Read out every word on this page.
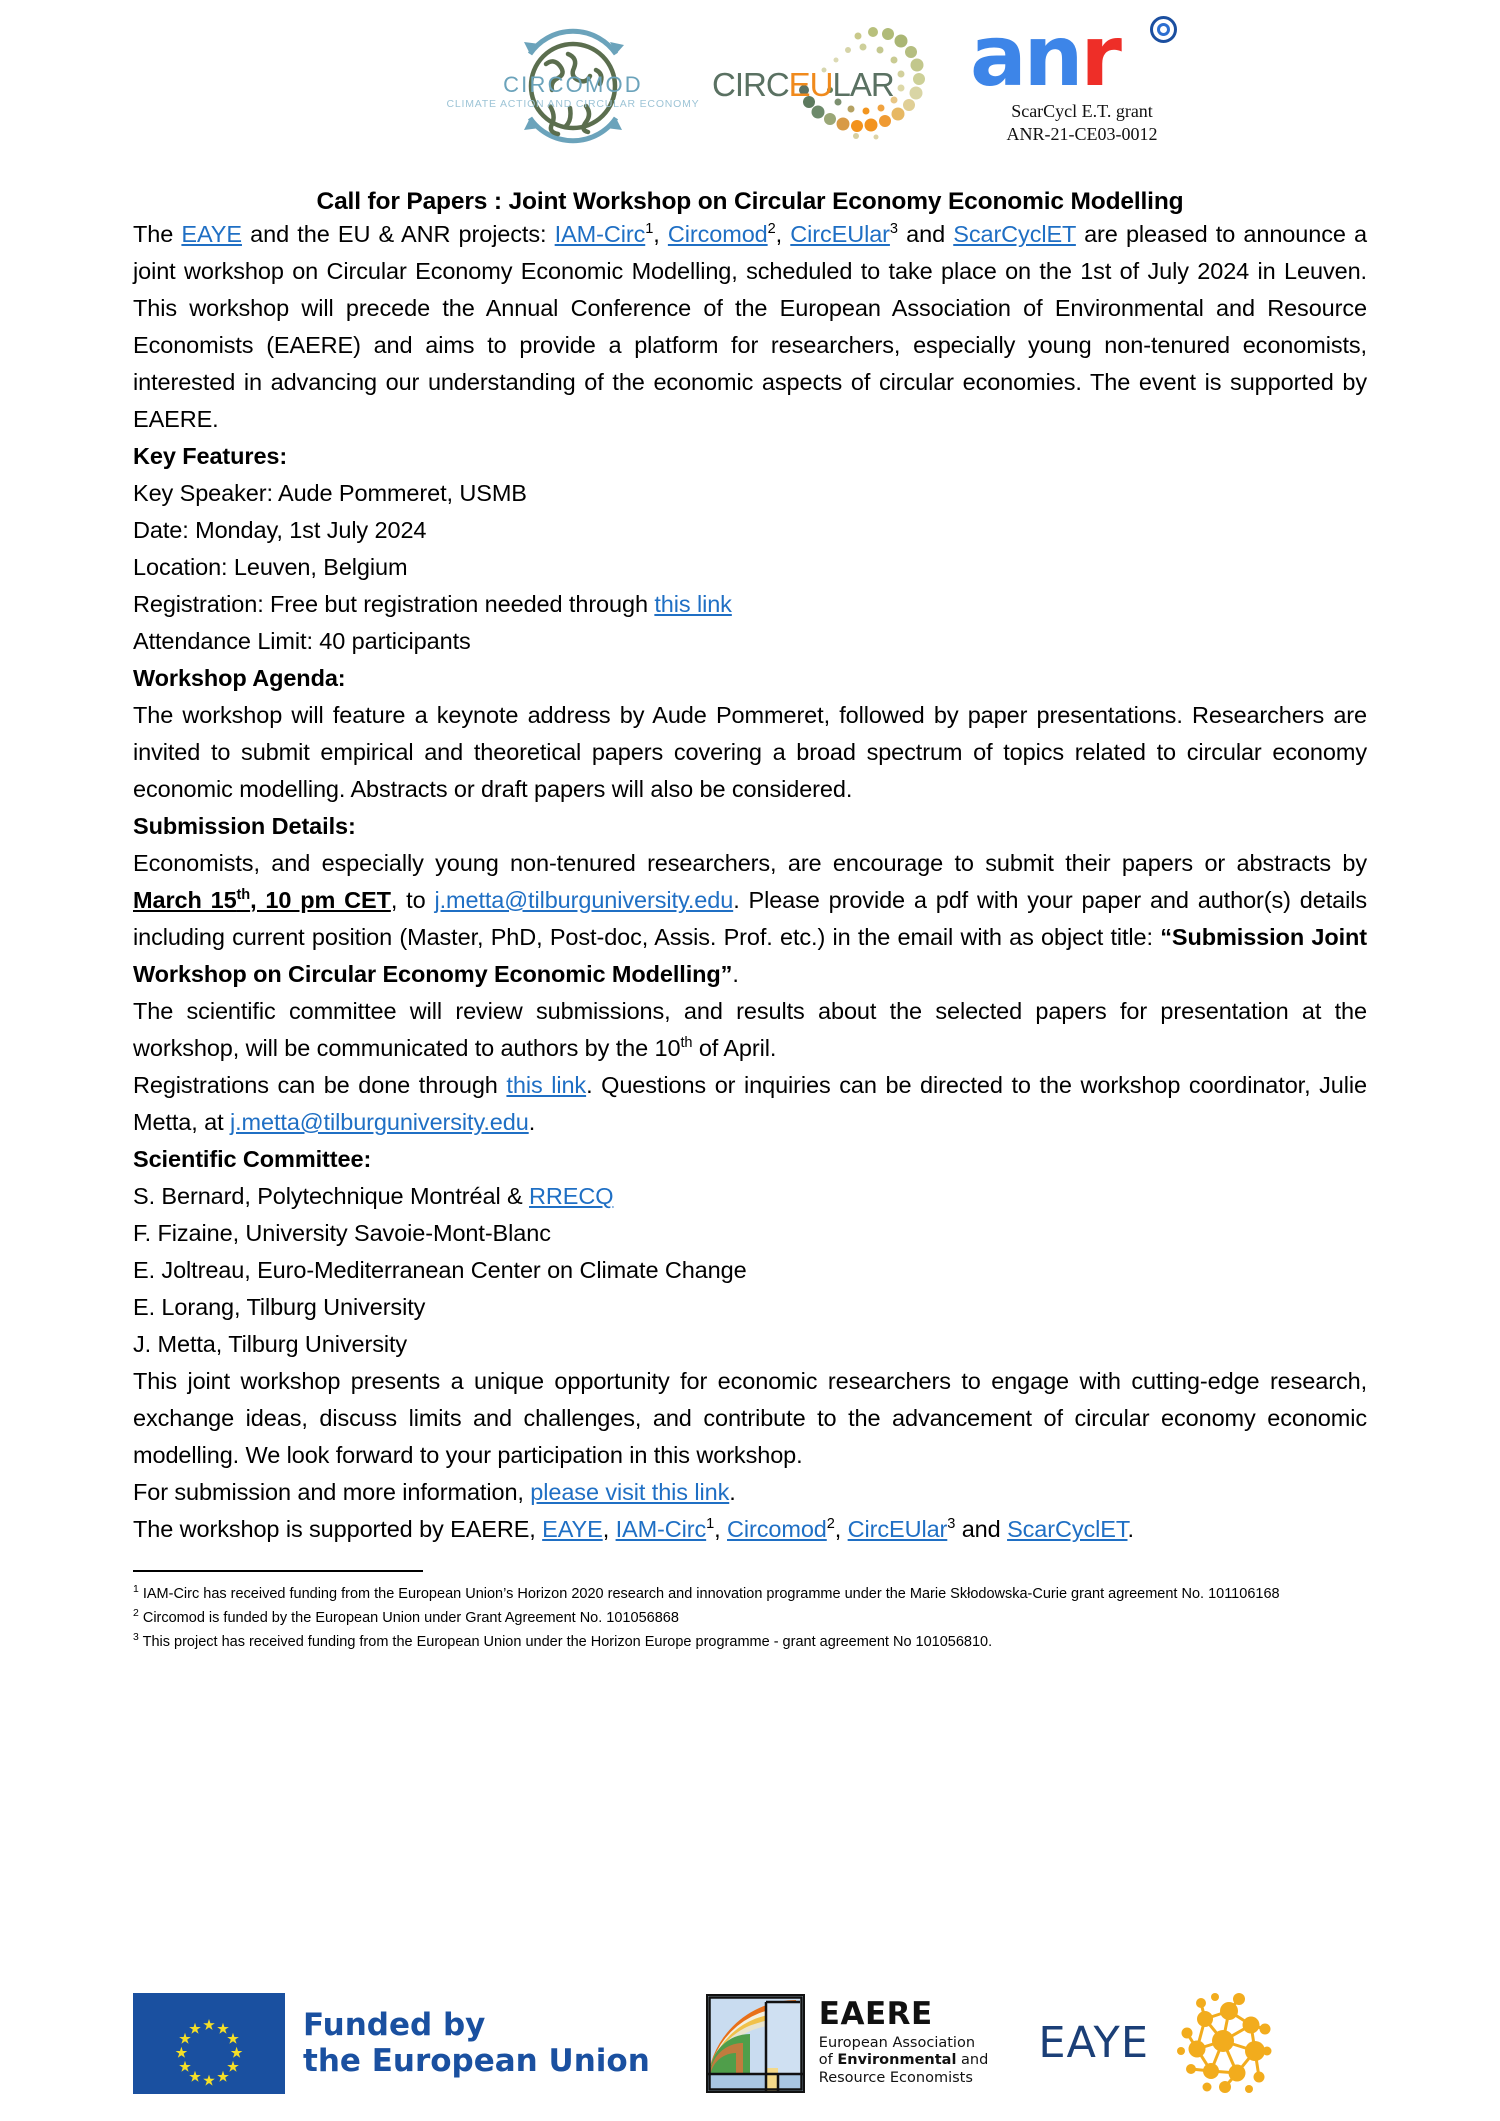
CIRCOMOD
CLIMATE ACTION AND CIRCULAR ECONOMY
CIRCEULAR anr
ScarCycl E.T. grant
ANR-21-CE03-0012
Call for Papers : Joint Workshop on Circular Economy Economic Modelling

The EAYE and the EU & ANR projects: IAM-Circ$^1$, Circomod$^2$, CircEUlar$^3$ and ScarCyclET are pleased to announce a joint workshop on Circular Economy Economic Modelling, scheduled to take place on the 1st of July 2024 in Leuven. This workshop will precede the Annual Conference of the European Association of Environmental and Resource Economists (EAERE) and aims to provide a platform for researchers, especially young non-tenured economists, interested in advancing our understanding of the economic aspects of circular economies. The event is supported by EAERE.

Key Features:

Key Speaker: Aude Pommeret, USMB
Date: Monday, 1st July 2024
Location: Leuven, Belgium
Registration: Free but registration needed through this link
Attendance Limit: 40 participants

Workshop Agenda:

The workshop will feature a keynote address by Aude Pommeret, followed by paper presentations. Researchers are invited to submit empirical and theoretical papers covering a broad spectrum of topics related to circular economy economic modelling. Abstracts or draft papers will also be considered.

Submission Details:

Economists, and especially young non-tenured researchers, are encourage to submit their papers or abstracts by March 15th, 10 pm CET, to j.metta@tilburguniversity.edu. Please provide a pdf with your paper and author(s) details including current position (Master, PhD, Post-doc, Assis. Prof. etc.) in the email with as object title: “Submission Joint Workshop on Circular Economy Economic Modelling”.

The scientific committee will review submissions, and results about the selected papers for presentation at the workshop, will be communicated to authors by the 10th of April.

Registrations can be done through this link. Questions or inquiries can be directed to the workshop coordinator, Julie Metta, at j.metta@tilburguniversity.edu.

Scientific Committee:

S. Bernard, Polytechnique Montréal & RRECQ
F. Fizaine, University Savoie-Mont-Blanc
E. Joltreau, Euro-Mediterranean Center on Climate Change
E. Lorang, Tilburg University
J. Metta, Tilburg University

This joint workshop presents a unique opportunity for economic researchers to engage with cutting-edge research, exchange ideas, discuss limits and challenges, and contribute to the advancement of circular economy economic modelling. We look forward to your participation in this workshop.

For submission and more information, please visit this link.

The workshop is supported by EAERE, EAYE, IAM-Circ$^1$, Circomod$^2$, CircEUlar$^3$ and ScarCyclET.

$^1$ IAM-Circ has received funding from the European Union’s Horizon 2020 research and innovation programme under the Marie Skłodowska-Curie grant agreement No. 101106168

$^2$ Circomod is funded by the European Union under Grant Agreement No. 101056868

$^3$ This project has received funding from the European Union under the Horizon Europe programme - grant agreement No 101056810.

Funded by
the European Union
EAERE
European Association
of Environmental and
Resource Economists
EAYE
